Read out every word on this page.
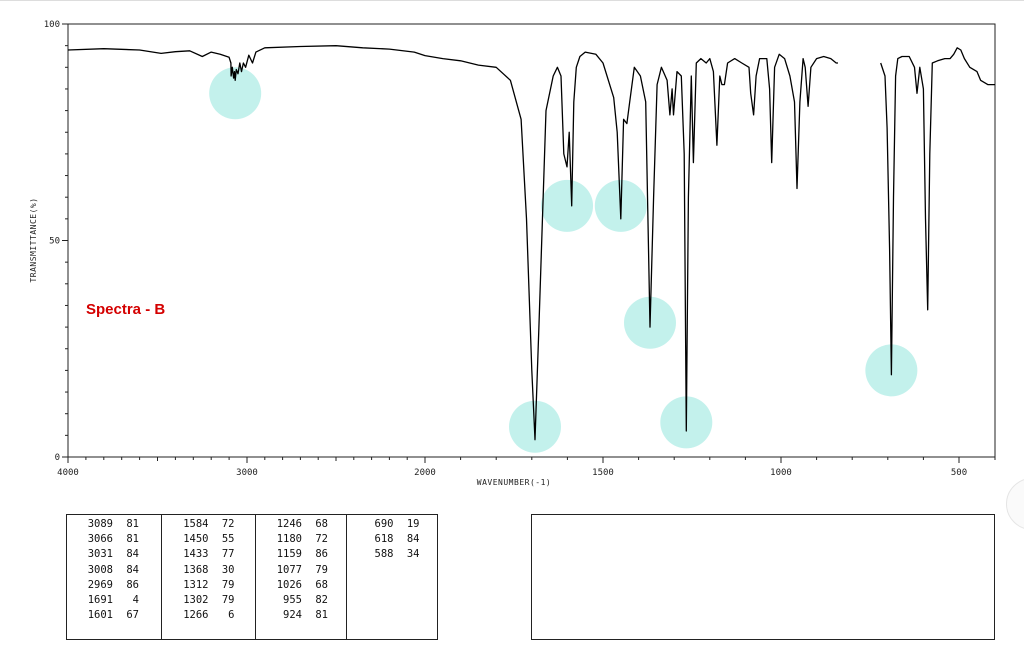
4000	3000	2000	1500	1000	500
0
50
100
WAVENUMBER(-1)
TRANSMITTANCE(%)
Spectra - B
3089	81
3066	81
3031	84
3008	84
2969	86
1691	4
1601	67
1584	72
1450	55
1433	77
1368	30
1312	79
1302	79
1266	6
1246	68
1180	72
1159	86
1077	79
1026	68
955	82
924	81
690	19
618	84
588	34
